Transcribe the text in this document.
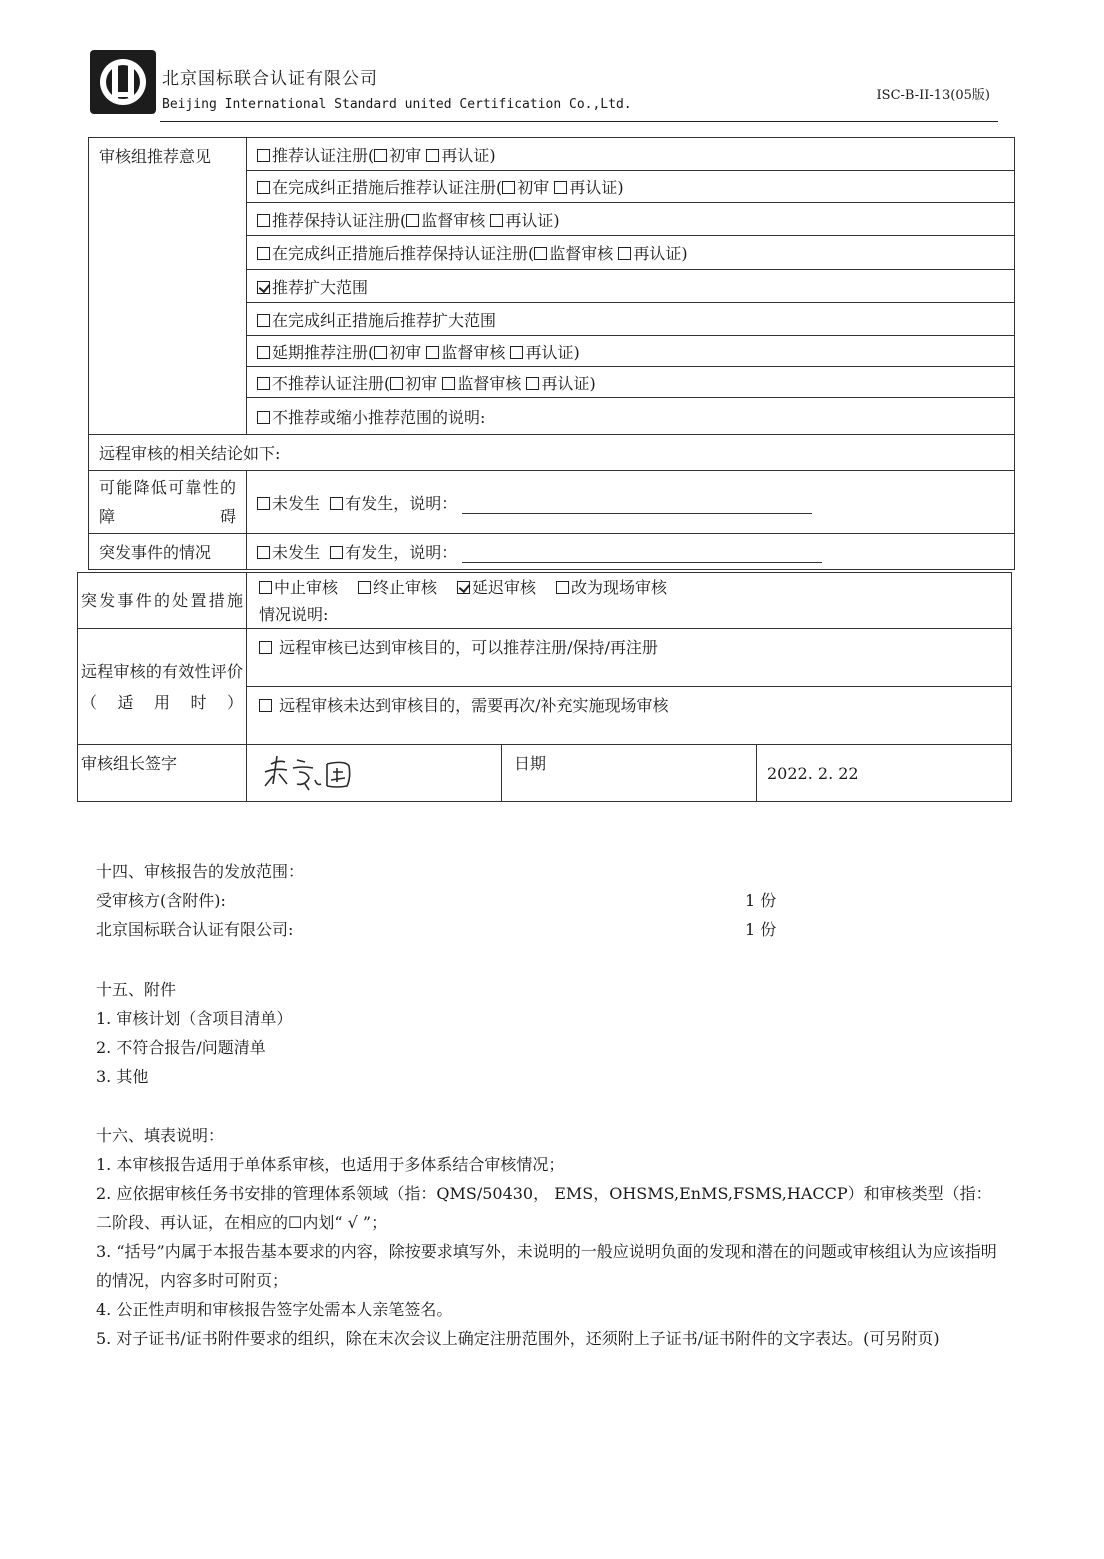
北京国标联合认证有限公司
Beijing International Standard united Certification Co.,Ltd.
ISC-B-II-13(05版)
审核组推荐意见	推荐认证注册( 初审 再认证)
	在完成纠正措施后推荐认证注册( 初审 再认证)
	推荐保持认证注册( 监督审核 再认证)
	在完成纠正措施后推荐保持认证注册( 监督审核 再认证)
	推荐扩大范围
	在完成纠正措施后推荐扩大范围
	延期推荐注册( 初审 监督审核 再认证)
	不推荐认证注册( 初审 监督审核 再认证)
	不推荐或缩小推荐范围的说明:
远程审核的相关结论如下:	

可能降低可靠性的障碍	未发生 有发生，说明：
突发事件的情况	未发生 有发生，说明：
突发事件的处置措施	中止审核 终止审核 延迟审核 改为现场审核
情况说明:		

远程审核的有效性评价（适用时）	远程审核已达到审核目的，可以推荐注册/保持/再注册		
	远程审核未达到审核目的，需要再次/补充实施现场审核		
审核组长签字		日期	2022. 2. 22
十四、审核报告的发放范围：
受审核方(含附件):	1 份
北京国标联合认证有限公司:	1 份
十五、附件
1. 审核计划（含项目清单）
2. 不符合报告/问题清单
3. 其他

十六、填表说明：

1. 本审核报告适用于单体系审核，也适用于多体系结合审核情况；

2. 应依据审核任务书安排的管理体系领域（指：QMS/50430， EMS，OHSMS,EnMS,FSMS,HACCP）和审核类型（指：二阶段、再认证，在相应的☐内划“ √ ”；

3. “括号”内属于本报告基本要求的内容，除按要求填写外，未说明的一般应说明负面的发现和潜在的问题或审核组认为应该指明的情况，内容多时可附页；

4. 公正性声明和审核报告签字处需本人亲笔签名。

5. 对子证书/证书附件要求的组织，除在末次会议上确定注册范围外，还须附上子证书/证书附件的文字表达。(可另附页)
